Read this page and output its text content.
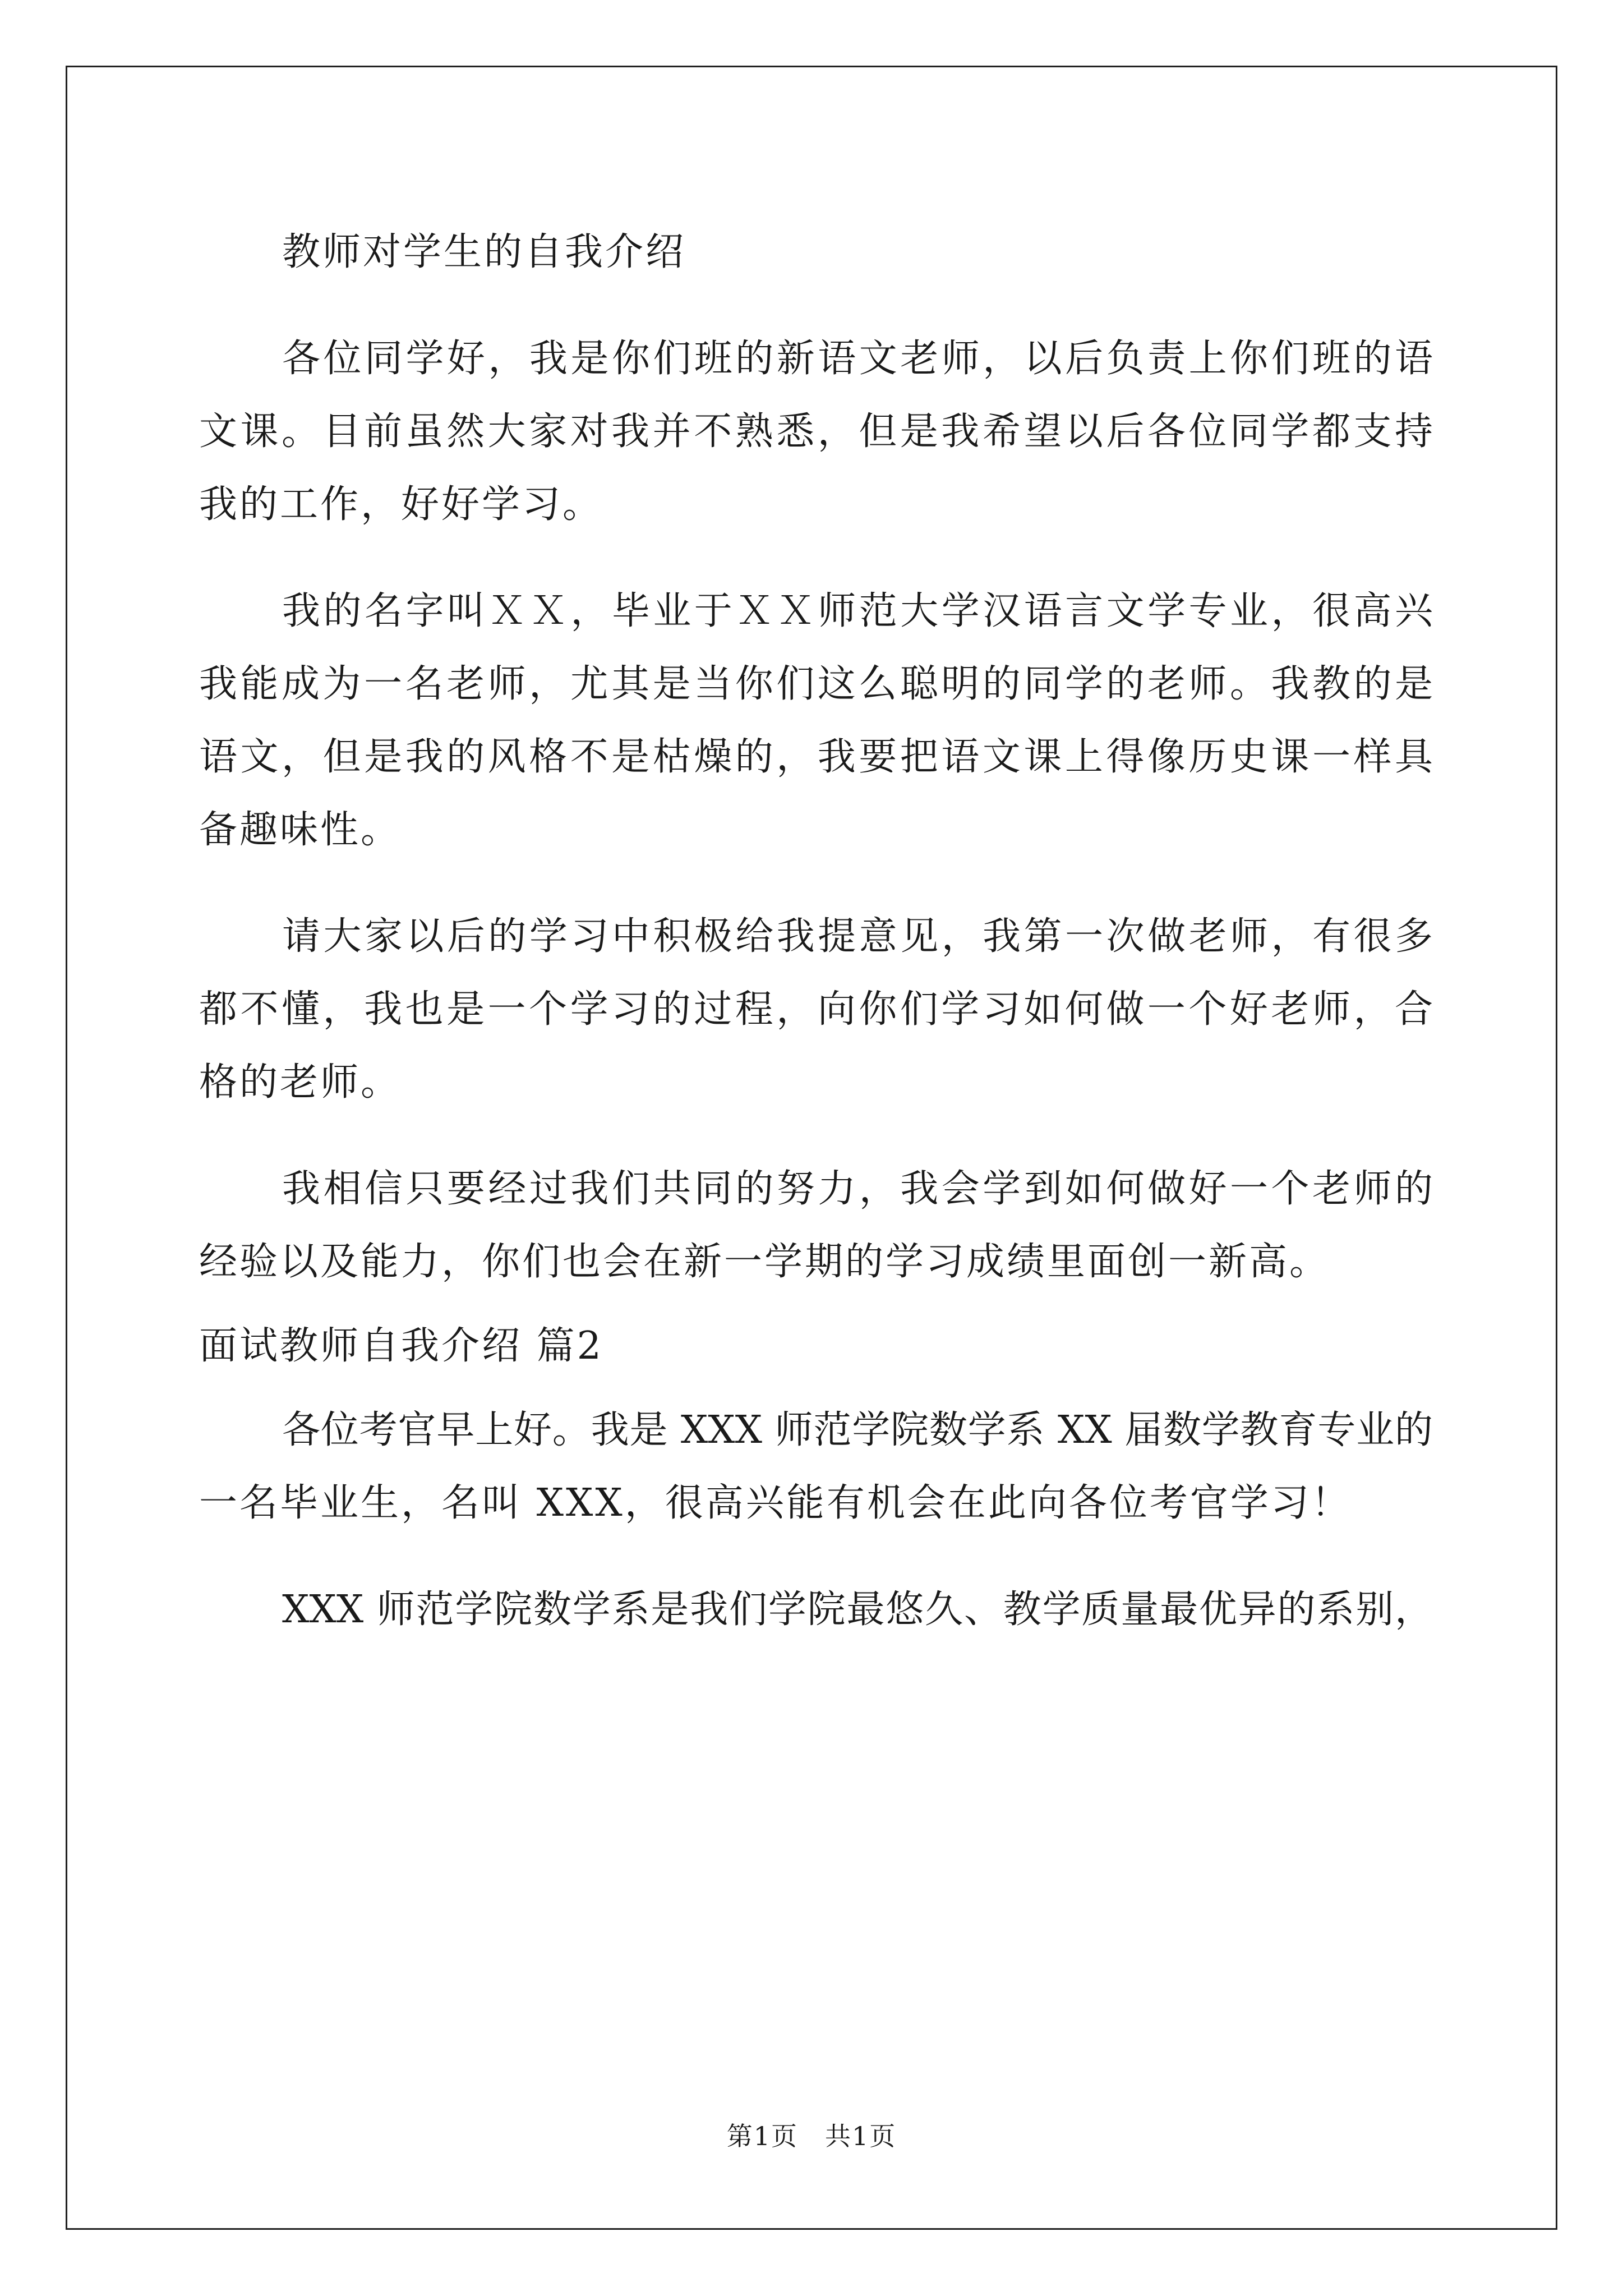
教师对学生的自我介绍
各位同学好，我是你们班的新语文老师，以后负责上你们班的语
文课。目前虽然大家对我并不熟悉，但是我希望以后各位同学都支持
我的工作，好好学习。
我的名字叫ＸＸ，毕业于ＸＸ师范大学汉语言文学专业，很高兴
我能成为一名老师，尤其是当你们这么聪明的同学的老师。我教的是
语文，但是我的风格不是枯燥的，我要把语文课上得像历史课一样具
备趣味性。
请大家以后的学习中积极给我提意见，我第一次做老师，有很多
都不懂，我也是一个学习的过程，向你们学习如何做一个好老师，合
格的老师。
我相信只要经过我们共同的努力，我会学到如何做好一个老师的
经验以及能力，你们也会在新一学期的学习成绩里面创一新高。
面试教师自我介绍 篇2
各位考官早上好。我是 XXX 师范学院数学系 XX 届数学教育专业的
一名毕业生，名叫 XXX，很高兴能有机会在此向各位考官学习！
XXX 师范学院数学系是我们学院最悠久、教学质量最优异的系别，
第1页　共1页
